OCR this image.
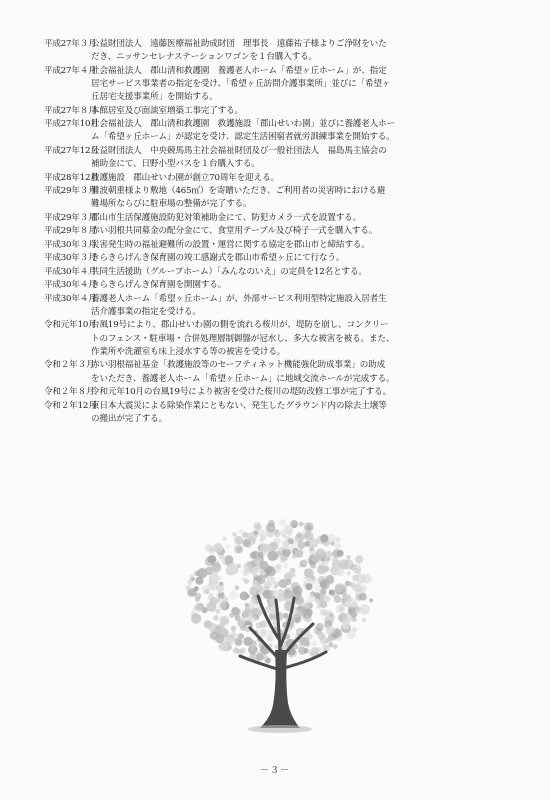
平成27年３月
公益財団法人　遠藤医療福祉助成財団　理事長　遠藤祐子様よりご浄財をいた
だき、ニッサンセレナステーションワゴンを１台購入する。
平成27年４月
社会福祉法人　郡山清和救護園　養護老人ホーム「希望ヶ丘ホーム」が、指定
居宅サービス事業者の指定を受け、「希望ヶ丘訪問介護事業所」並びに「希望ヶ
丘居宅支援事業所」を開始する。
平成27年８月
本館居室及び面談室増築工事完了する。
平成27年10月
社会福祉法人　郡山清和救護園　救護施設「郡山せいわ園」並びに養護老人ホー
ム「希望ヶ丘ホーム」が認定を受け、認定生活困窮者就労訓練事業を開始する。
平成27年12月
公益財団法人　中央競馬馬主社会福祉財団及び一般社団法人　福島馬主協会の
補助金にて、日野小型バスを１台購入する。
平成28年12月
救護施設　郡山せいわ園が創立70周年を迎える。
平成29年３月
難波朝重様より敷地（465㎡）を寄贈いただき、ご利用者の災害時における避
難場所ならびに駐車場の整備が完了する。
平成29年３月
郡山市生活保護施設防犯対策補助金にて、防犯カメラ一式を設置する。
平成29年８月
赤い羽根共同募金の配分金にて、食堂用テーブル及び椅子一式を購入する。
平成30年３月
災害発生時の福祉避難所の設置・運営に関する協定を郡山市と締結する。
平成30年３月
きらきらげんき保育園の竣工感謝式を郡山市希望ヶ丘にて行なう。
平成30年４月
共同生活援助（グループホーム）「みんなのいえ」の定員を12名とする。
平成30年４月
きらきらげんき保育園を開園する。
平成30年４月
養護老人ホーム「希望ヶ丘ホーム」が、外部サービス利用型特定施設入居者生
活介護事業の指定を受ける。
令和元年10月
台風19号により、郡山せいわ園の側を流れる桜川が、堤防を崩し、コンクリー
トのフェンス・駐車場・合併処理層制御盤が冠水し、多大な被害を被る。また、
作業所や洗濯室も床上浸水する等の被害を受ける。
令和２年３月
赤い羽根福祉基金「救護施設等のセーフティネット機能強化助成事業」の助成
をいただき、養護老人ホーム「希望ヶ丘ホーム」に地域交流ホールが完成する。
令和２年８月
令和元年10月の台風19号により被害を受けた桜川の堤防改修工事が完了する。
令和２年12月
東日本大震災による除染作業にともない、発生したグラウンド内の除去土壌等
の搬出が完了する。
－３－
